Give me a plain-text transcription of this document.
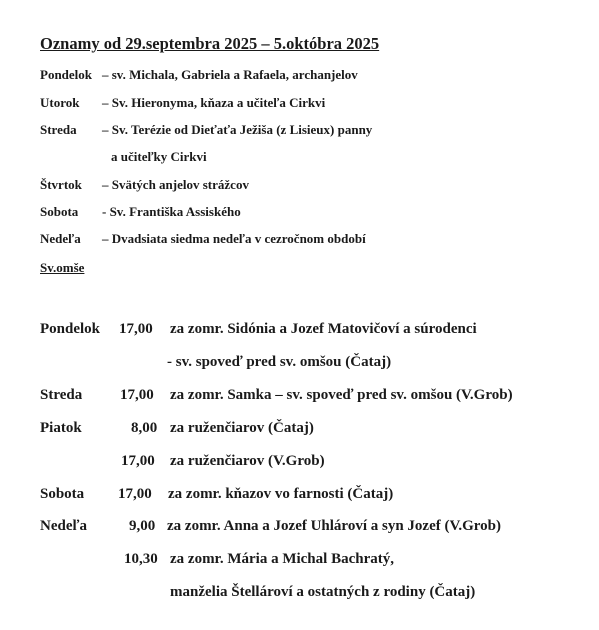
Oznamy od 29.septembra 2025 – 5.októbra 2025
Pondelok – sv. Michala, Gabriela a Rafaela, archanjelov
Utorok – Sv. Hieronyma, kňaza a učiteľa Cirkvi
Streda – Sv. Terézie od Dieťaťa Ježiša (z Lisieux) panny
a učiteľky Cirkvi
Štvrtok – Svätých anjelov strážcov
Sobota - Sv. Františka Assiského
Nedeľa – Dvadsiata siedma nedeľa v cezročnom období
Sv.omše
Pondelok 17,00 za zomr. Sidónia a Jozef Matovičoví a súrodenci
- sv. spoveď pred sv. omšou (Čataj)
Streda	17,00 za zomr. Samka – sv. spoveď pred sv. omšou (V.Grob)
Piatok	8,00 za ruženčiarov (Čataj)
17,00 za ruženčiarov (V.Grob)
Sobota 17,00 za zomr. kňazov vo farnosti (Čataj)
Nedeľa	9,00 za zomr. Anna a Jozef Uhlároví a syn Jozef (V.Grob)
10,30 za zomr. Mária a Michal Bachratý,
manželia Štellároví a ostatných z rodiny (Čataj)
